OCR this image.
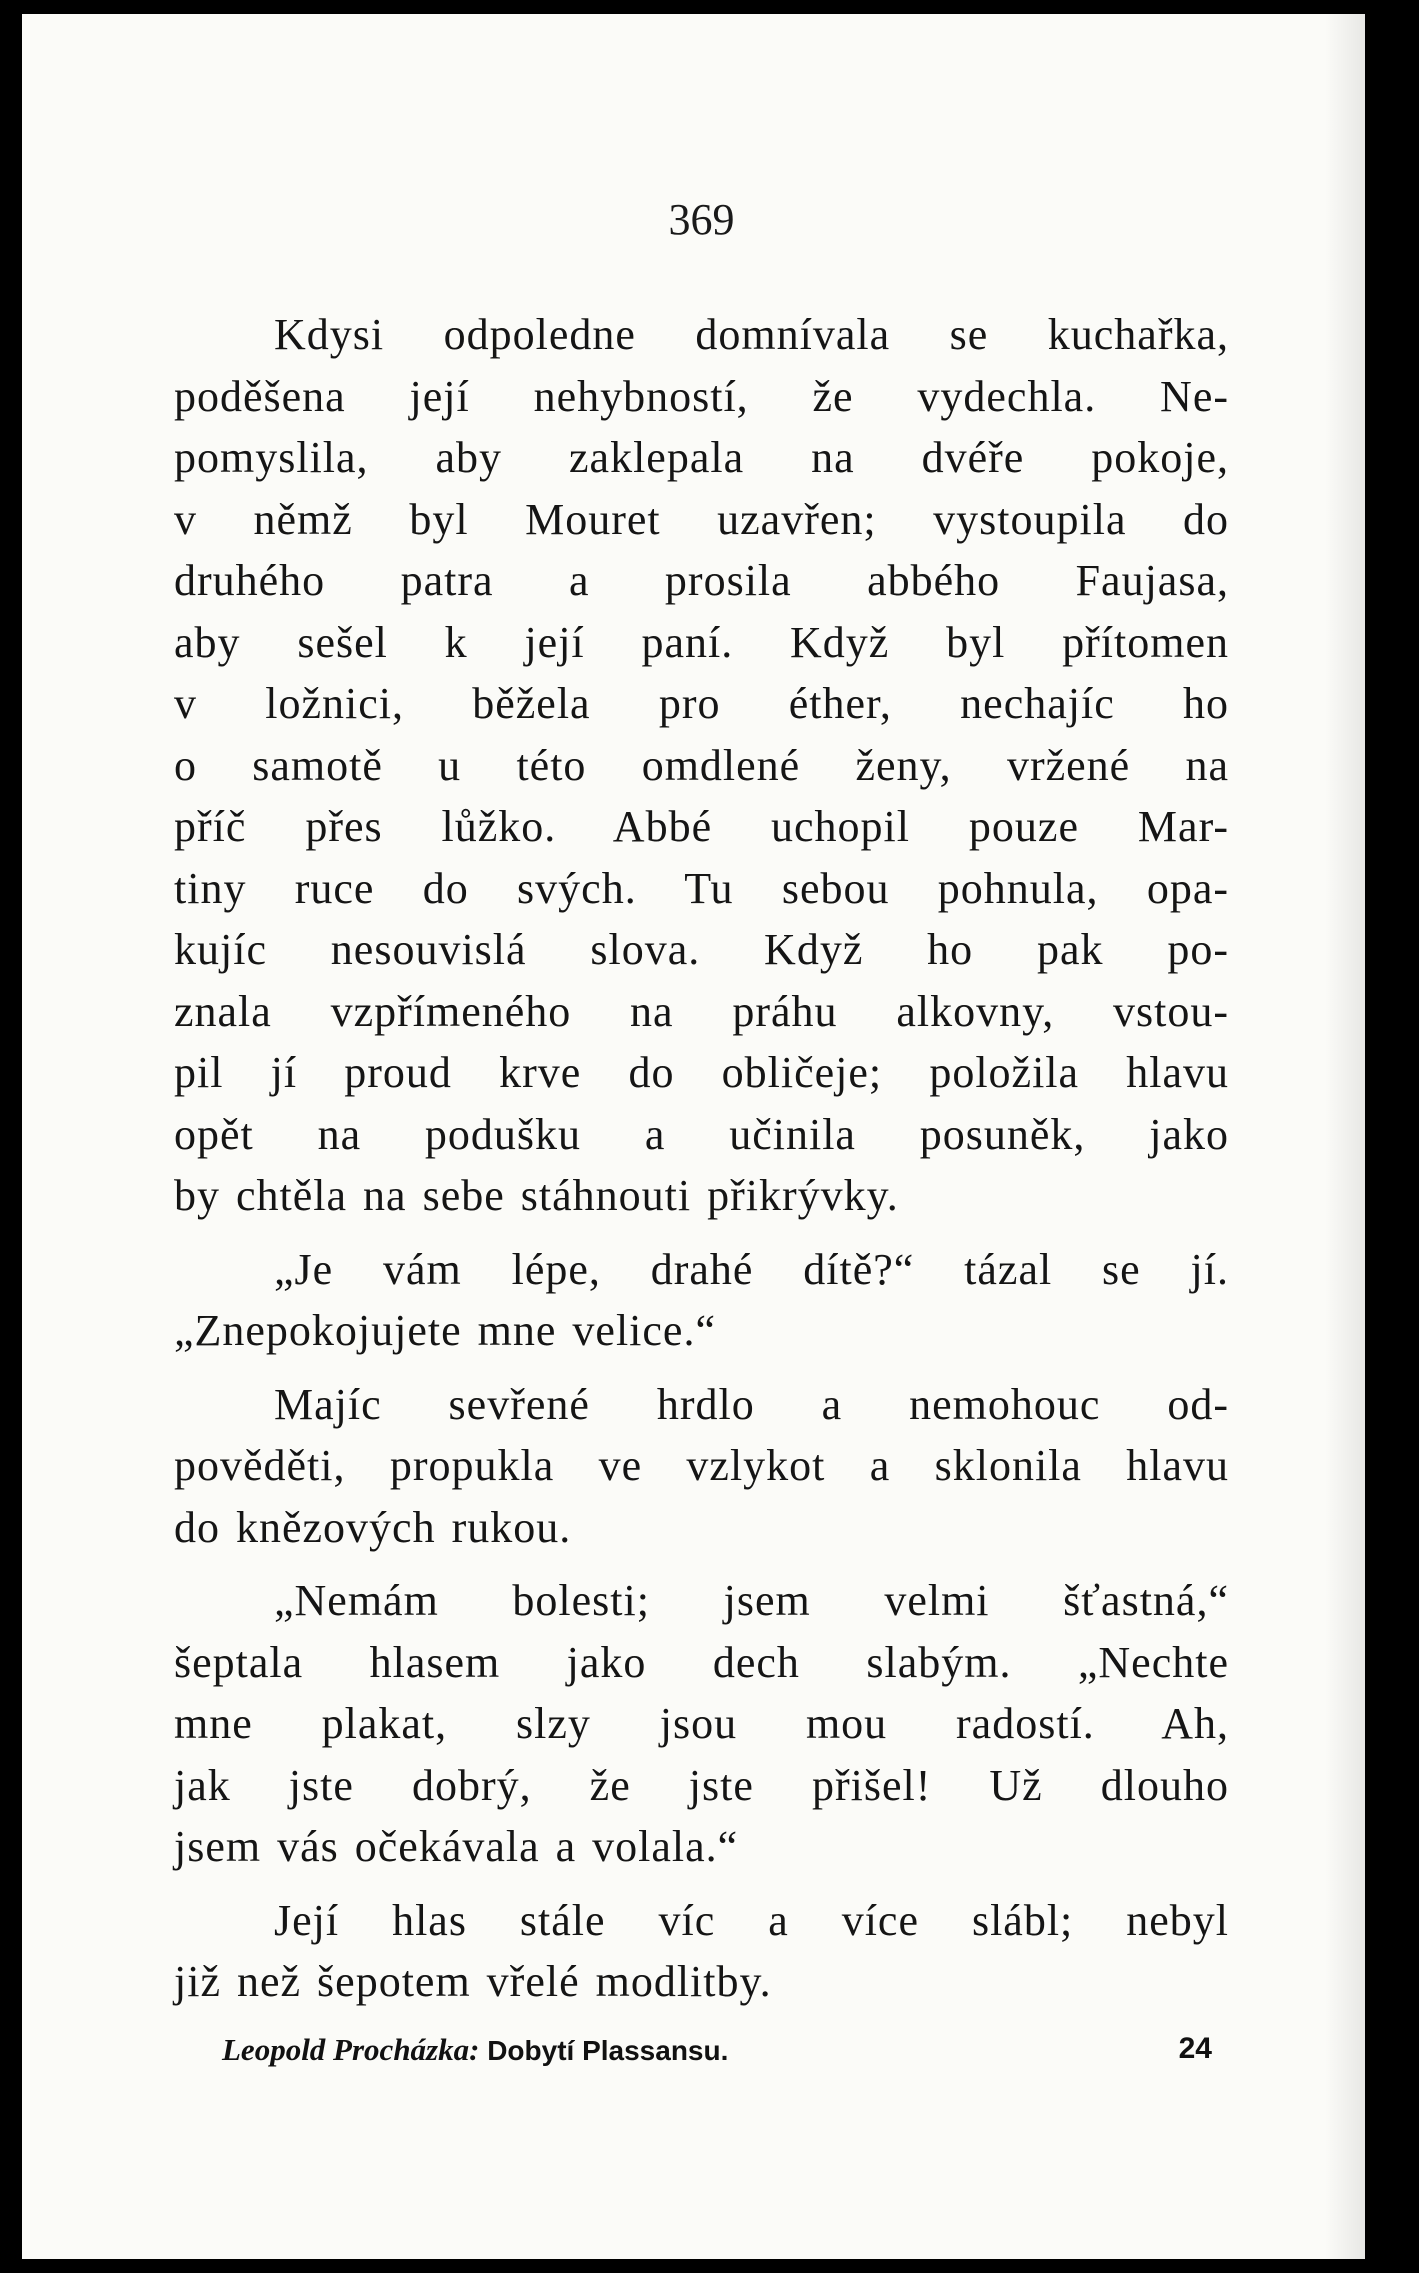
369
Kdysi odpoledne domnívala se kuchařka,
poděšena její nehybností, že vydechla. Ne-
pomyslila, aby zaklepala na dvéře pokoje,
v němž byl Mouret uzavřen; vystoupila do
druhého patra a prosila abbého Faujasa,
aby sešel k její paní. Když byl přítomen
v ložnici, běžela pro éther, nechajíc ho
o samotě u této omdlené ženy, vržené na
příč přes lůžko. Abbé uchopil pouze Mar-
tiny ruce do svých. Tu sebou pohnula, opa-
kujíc nesouvislá slova. Když ho pak po-
znala vzpřímeného na práhu alkovny, vstou-
pil jí proud krve do obličeje; položila hlavu
opět na podušku a učinila posuněk, jako
by chtěla na sebe stáhnouti přikrývky.
„Je vám lépe, drahé dítě?“ tázal se jí.
„Znepokojujete mne velice.“
Majíc sevřené hrdlo a nemohouc od-
pověděti, propukla ve vzlykot a sklonila hlavu
do knězových rukou.
„Nemám bolesti; jsem velmi šťastná,“
šeptala hlasem jako dech slabým. „Nechte
mne plakat, slzy jsou mou radostí. Ah,
jak jste dobrý, že jste přišel! Už dlouho
jsem vás očekávala a volala.“
Její hlas stále víc a více slábl; nebyl
již než šepotem vřelé modlitby.
Leopold Procházka: Dobytí Plassansu.	24
